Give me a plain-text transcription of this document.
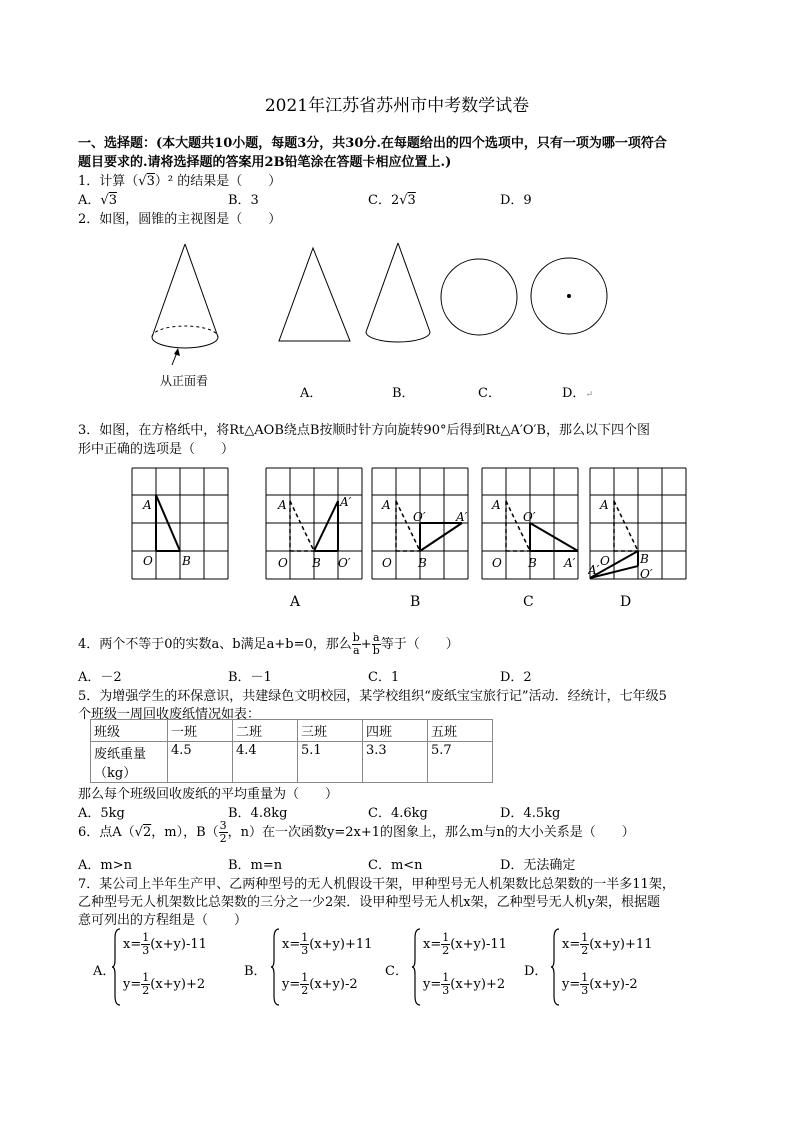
2021年江苏省苏州市中考数学试卷
一、选择题：(本大题共10小题，每题3分，共30分.在每题给出的四个选项中，只有一项为哪一项符合
题目要求的.请将选择题的答案用2B铅笔涂在答题卡相应位置上.)
1．计算（√3）² 的结果是（　　）
A．√3	B．3	C．2√3	D．9
2．如图，圆锥的主视图是（　　）
从正面看
A．	B．	C．	D．↵
3．如图，在方格纸中，将Rt△AOB绕点B按顺时针方向旋转90°后得到Rt△A′O′B，那么以下四个图
形中正确的选项是（　　）
A
O B
A	A′
O B O′
A
O′	A′
O B
A
O′
O B A′
A
O	B
O′
A′
A	B	C	D
4．两个不等于0的实数a、b满足a+b=0，那么 $\frac{b}{a} + \frac{a}{b}$ 等于（　　）
A．－2	B．－1	C．1	D．2
5．为增强学生的环保意识，共建绿色文明校园，某学校组织“废纸宝宝旅行记”活动．经统计，七年级5
个班级一周回收废纸情况如表：
班级	一班	二班	三班	四班	五班

废纸重量
（kg）	4.5	4.4	5.1	3.3	5.7
那么每个班级回收废纸的平均重量为（　　）
A．5kg	B．4.8kg	C．4.6kg	D．4.5kg
6．点A（√2，m），$B( \frac{3}{2}$ ，n）在一次函数y=2x+1的图象上，那么m与n的大小关系是（　　）
A．m>n	B．m=n	C．m<n	D．无法确定
7．某公司上半年生产甲、乙两种型号的无人机假设干架，甲种型号无人机架数比总架数的一半多11架，
乙种型号无人机架数比总架数的三分之一少2架．设甲种型号无人机x架，乙种型号无人机y架，根据题
意可列出的方程组是（　　）
A．
$x= \frac{1}{3} (x+y)-11$
$y= \frac{1}{2} (x+y)+2$
B．
$x= \frac{1}{3} (x+y)+11$
$y= \frac{1}{2} (x+y)-2$
C．
$x= \frac{1}{2} (x+y)-11$
$y= \frac{1}{3} (x+y)+2$
D．
$x= \frac{1}{2} (x+y)+11$
$y= \frac{1}{3} (x+y)-2$
